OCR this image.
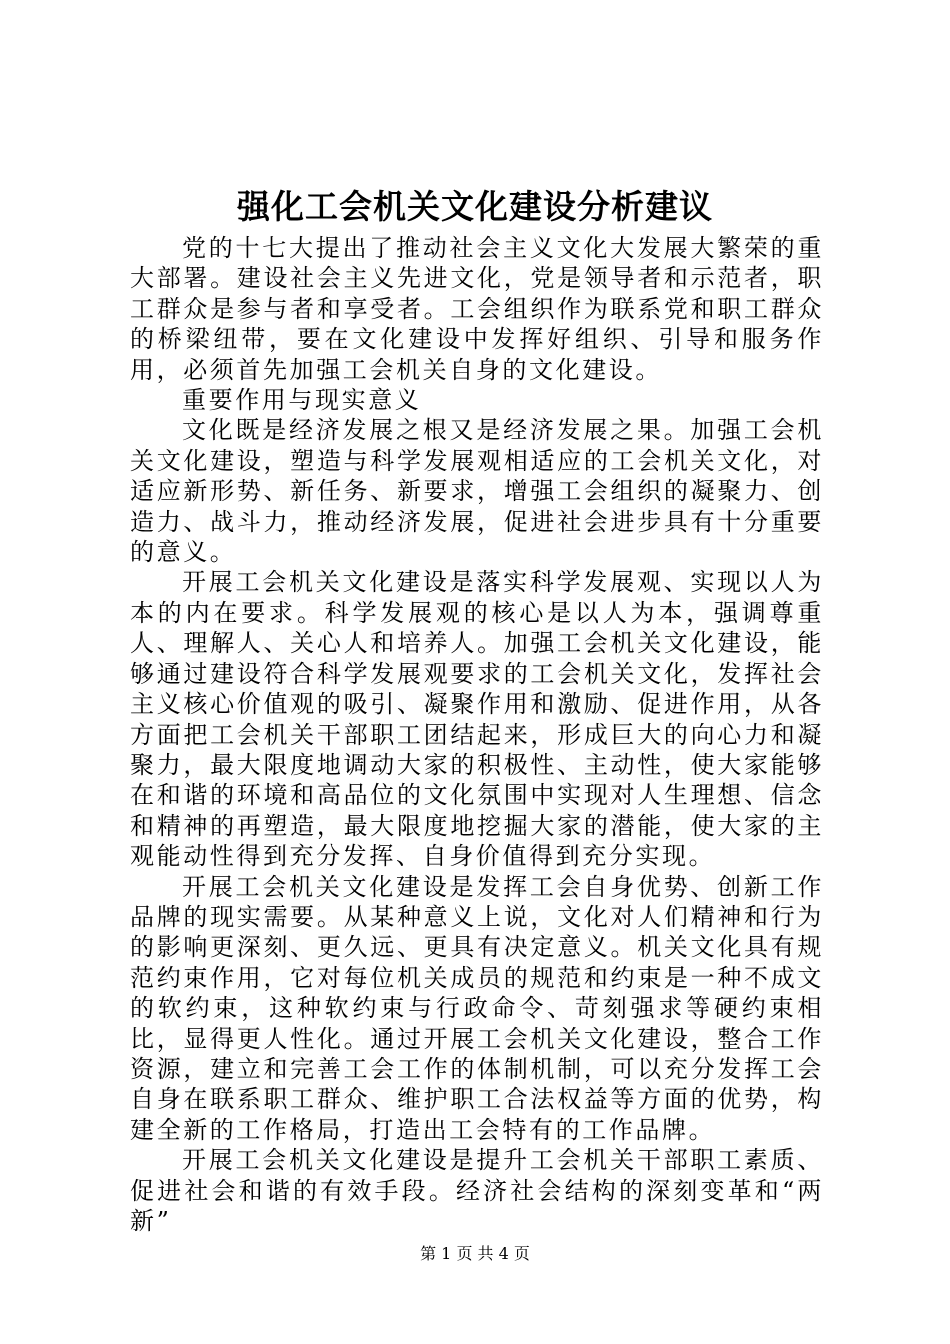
强化工会机关文化建设分析建议

党的十七大提出了推动社会主义文化大发展大繁荣的重大部署。建设社会主义先进文化，党是领导者和示范者，职工群众是参与者和享受者。工会组织作为联系党和职工群众的桥梁纽带，要在文化建设中发挥好组织、引导和服务作用，必须首先加强工会机关自身的文化建设。

重要作用与现实意义

文化既是经济发展之根又是经济发展之果。加强工会机关文化建设，塑造与科学发展观相适应的工会机关文化，对适应新形势、新任务、新要求，增强工会组织的凝聚力、创造力、战斗力，推动经济发展，促进社会进步具有十分重要的意义。

开展工会机关文化建设是落实科学发展观、实现以人为本的内在要求。科学发展观的核心是以人为本，强调尊重人、理解人、关心人和培养人。加强工会机关文化建设，能够通过建设符合科学发展观要求的工会机关文化，发挥社会主义核心价值观的吸引、凝聚作用和激励、促进作用，从各方面把工会机关干部职工团结起来，形成巨大的向心力和凝聚力，最大限度地调动大家的积极性、主动性，使大家能够在和谐的环境和高品位的文化氛围中实现对人生理想、信念和精神的再塑造，最大限度地挖掘大家的潜能，使大家的主观能动性得到充分发挥、自身价值得到充分实现。

开展工会机关文化建设是发挥工会自身优势、创新工作品牌的现实需要。从某种意义上说，文化对人们精神和行为的影响更深刻、更久远、更具有决定意义。机关文化具有规范约束作用，它对每位机关成员的规范和约束是一种不成文的软约束，这种软约束与行政命令、苛刻强求等硬约束相比，显得更人性化。通过开展工会机关文化建设，整合工作资源，建立和完善工会工作的体制机制，可以充分发挥工会自身在联系职工群众、维护职工合法权益等方面的优势，构建全新的工作格局，打造出工会特有的工作品牌。

开展工会机关文化建设是提升工会机关干部职工素质、促进社会和谐的有效手段。经济社会结构的深刻变革和“两新”

第 1 页 共 4 页
